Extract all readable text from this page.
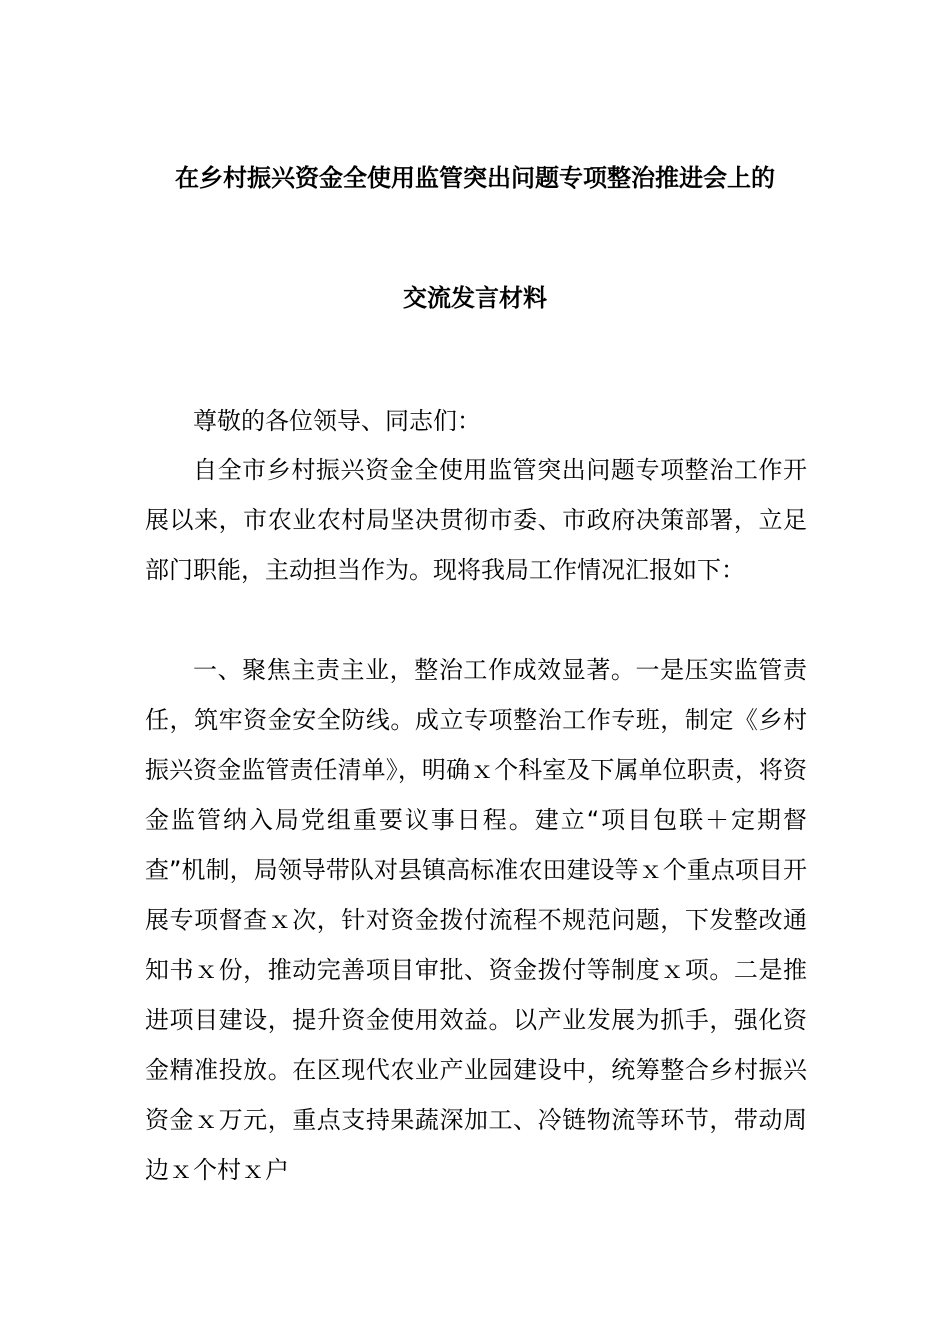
在乡村振兴资金全使用监管突出问题专项整治推进会上的
交流发言材料
尊敬的各位领导、同志们：
自全市乡村振兴资金全使用监管突出问题专项整治工作开展以来，市农业农村局坚决贯彻市委、市政府决策部署，立足部门职能，主动担当作为。现将我局工作情况汇报如下：
一、聚焦主责主业，整治工作成效显著。一是压实监管责任，筑牢资金安全防线。成立专项整治工作专班，制定《乡村振兴资金监管责任清单》，明确ｘ个科室及下属单位职责，将资金监管纳入局党组重要议事日程。建立“项目包联＋定期督查”机制，局领导带队对县镇高标准农田建设等ｘ个重点项目开展专项督查ｘ次，针对资金拨付流程不规范问题，下发整改通知书ｘ份，推动完善项目审批、资金拨付等制度ｘ项。二是推进项目建设，提升资金使用效益。以产业发展为抓手，强化资金精准投放。在区现代农业产业园建设中，统筹整合乡村振兴资金ｘ万元，重点支持果蔬深加工、冷链物流等环节，带动周边ｘ个村ｘ户
